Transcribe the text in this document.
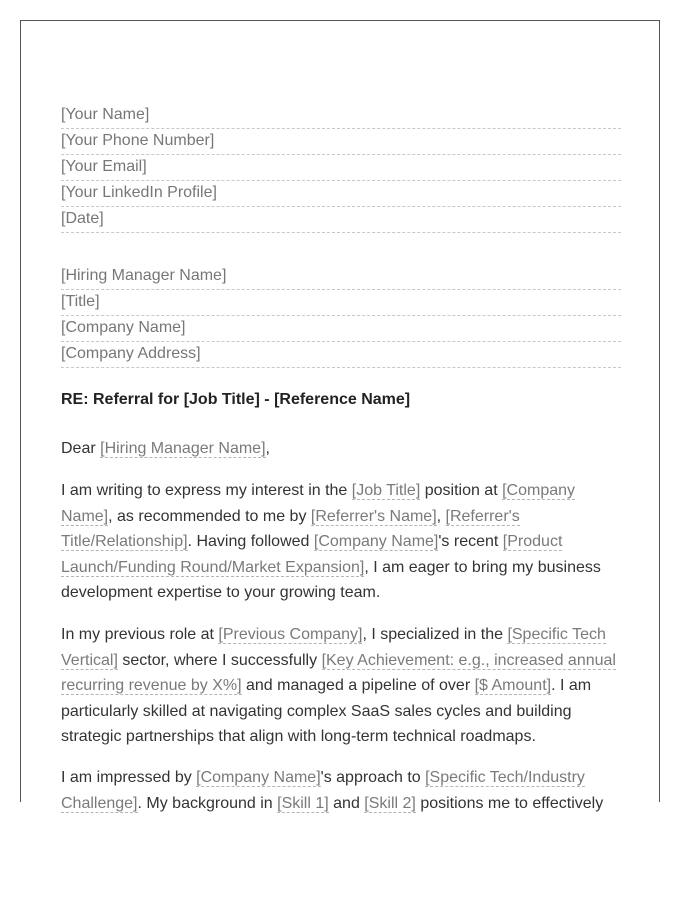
[Your Name]
[Your Phone Number]
[Your Email]
[Your LinkedIn Profile]
[Date]
[Hiring Manager Name]
[Title]
[Company Name]
[Company Address]
RE: Referral for [Job Title] - [Reference Name]

Dear [Hiring Manager Name],

I am writing to express my interest in the [Job Title] position at [Company Name], as recommended to me by [Referrer's Name], [Referrer's Title/Relationship]. Having followed [Company Name]'s recent [Product Launch/Funding Round/Market Expansion], I am eager to bring my business development expertise to your growing team.

In my previous role at [Previous Company], I specialized in the [Specific Tech Vertical] sector, where I successfully [Key Achievement: e.g., increased annual recurring revenue by X%] and managed a pipeline of over [$ Amount]. I am particularly skilled at navigating complex SaaS sales cycles and building strategic partnerships that align with long-term technical roadmaps.

I am impressed by [Company Name]'s approach to [Specific Tech/Industry Challenge]. My background in [Skill 1] and [Skill 2] positions me to effectively
